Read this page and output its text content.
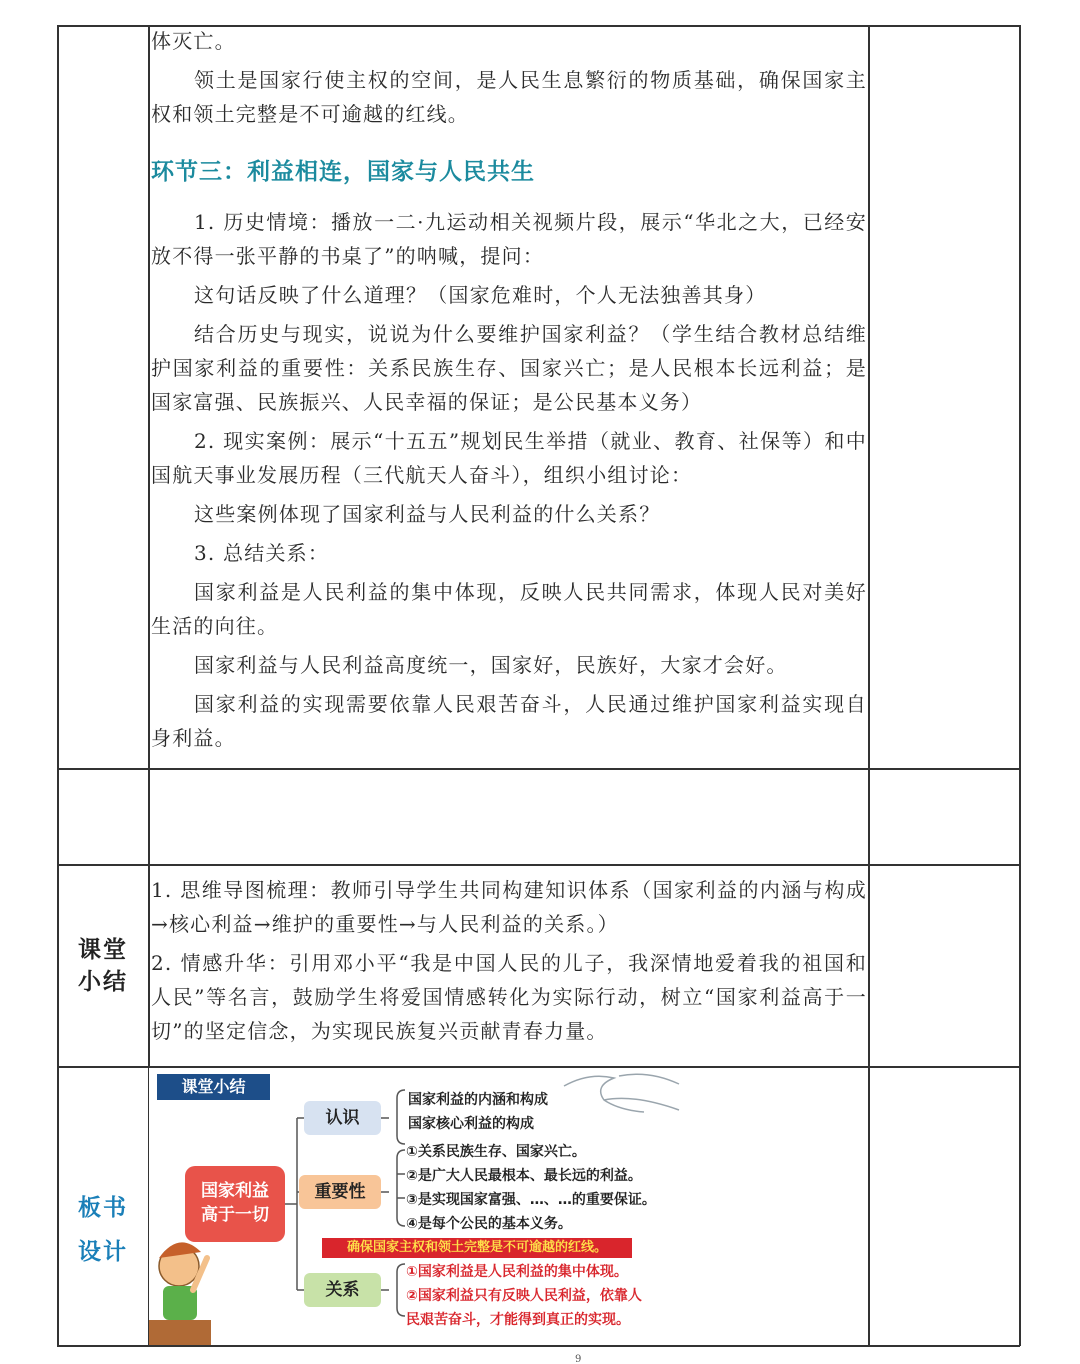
体灭亡。

领土是国家行使主权的空间，是人民生息繁衍的物质基础，确保国家主权和领土完整是不可逾越的红线。

环节三：利益相连，国家与人民共生

1. 历史情境：播放一二·九运动相关视频片段，展示“华北之大，已经安放不得一张平静的书桌了”的呐喊，提问：

这句话反映了什么道理？（国家危难时，个人无法独善其身）

结合历史与现实，说说为什么要维护国家利益？（学生结合教材总结维护国家利益的重要性：关系民族生存、国家兴亡；是人民根本长远利益；是国家富强、民族振兴、人民幸福的保证；是公民基本义务）

2. 现实案例：展示“十五五”规划民生举措（就业、教育、社保等）和中国航天事业发展历程（三代航天人奋斗），组织小组讨论：

这些案例体现了国家利益与人民利益的什么关系？

3. 总结关系：

国家利益是人民利益的集中体现，反映人民共同需求，体现人民对美好生活的向往。

国家利益与人民利益高度统一，国家好，民族好，大家才会好。

国家利益的实现需要依靠人民艰苦奋斗，人民通过维护国家利益实现自身利益。

课堂
小结

1. 思维导图梳理：教师引导学生共同构建知识体系（国家利益的内涵与构成→核心利益→维护的重要性→与人民利益的关系。）

2. 情感升华：引用邓小平“我是中国人民的儿子，我深情地爱着我的祖国和人民”等名言，鼓励学生将爱国情感转化为实际行动，树立“国家利益高于一切”的坚定信念，为实现民族复兴贡献青春力量。

板书
设计
课堂小结
国家利益
高于一切
认识
国家利益的内涵和构成
国家核心利益的构成
重要性
①关系民族生存、国家兴亡。
②是广大人民最根本、最长远的利益。
③是实现国家富强、…、…的重要保证。
④是每个公民的基本义务。
确保国家主权和领土完整是不可逾越的红线。
关系
①国家利益是人民利益的集中体现。
②国家利益只有反映人民利益，依靠人
民艰苦奋斗，才能得到真正的实现。
9
